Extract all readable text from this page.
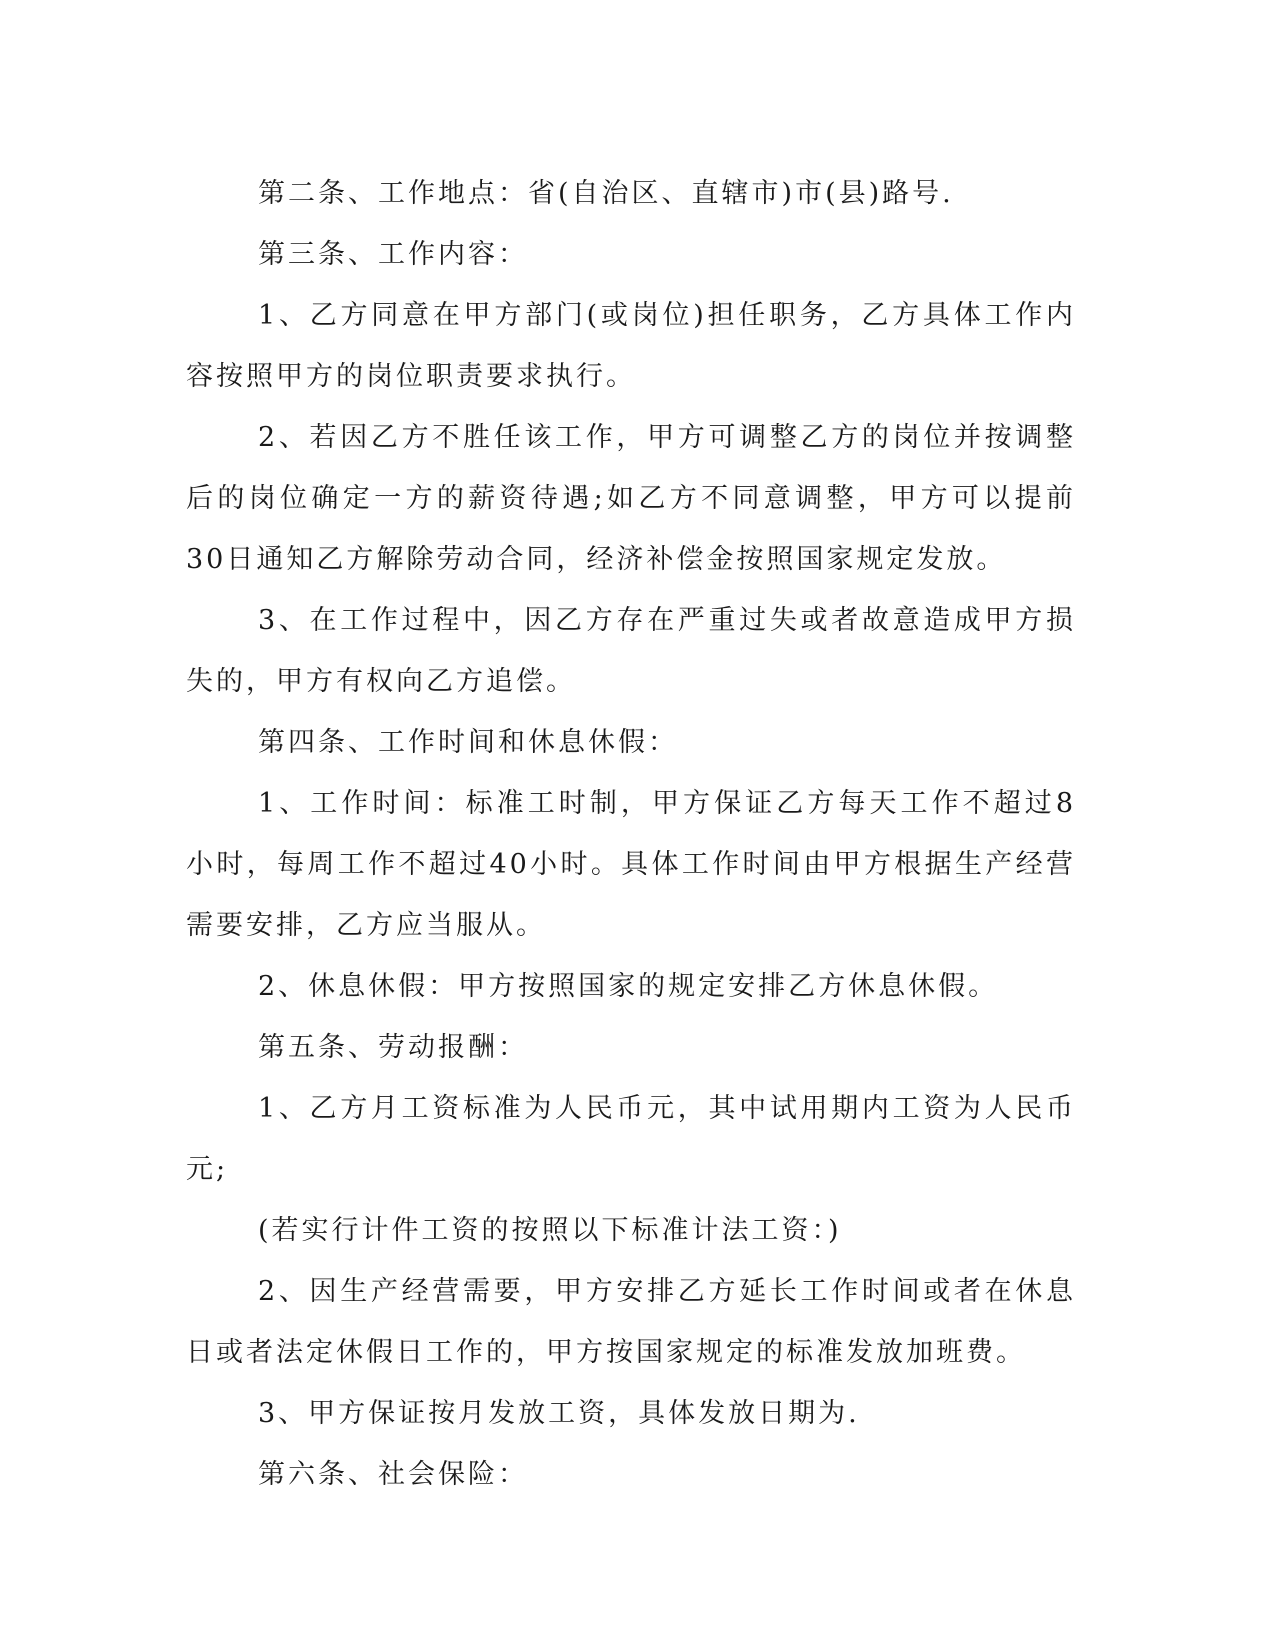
第二条、工作地点：省(自治区、直辖市)市(县)路号.

第三条、工作内容：

1、乙方同意在甲方部门(或岗位)担任职务，乙方具体工作内容按照甲方的岗位职责要求执行。

2、若因乙方不胜任该工作，甲方可调整乙方的岗位并按调整后的岗位确定一方的薪资待遇;如乙方不同意调整，甲方可以提前30日通知乙方解除劳动合同，经济补偿金按照国家规定发放。

3、在工作过程中，因乙方存在严重过失或者故意造成甲方损失的，甲方有权向乙方追偿。

第四条、工作时间和休息休假：

1、工作时间：标准工时制，甲方保证乙方每天工作不超过8小时，每周工作不超过40小时。具体工作时间由甲方根据生产经营需要安排，乙方应当服从。

2、休息休假：甲方按照国家的规定安排乙方休息休假。

第五条、劳动报酬：

1、乙方月工资标准为人民币元，其中试用期内工资为人民币元;

(若实行计件工资的按照以下标准计法工资：)

2、因生产经营需要，甲方安排乙方延长工作时间或者在休息日或者法定休假日工作的，甲方按国家规定的标准发放加班费。

3、甲方保证按月发放工资，具体发放日期为.

第六条、社会保险：
